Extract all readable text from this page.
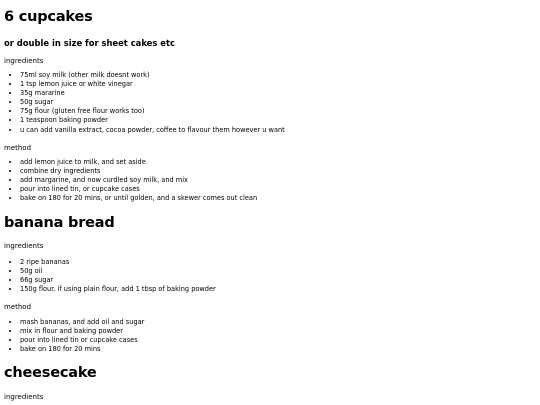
6 cupcakes
or double in size for sheet cakes etc

ingredients

• 75ml soy milk (other milk doesnt work)
• 1 tsp lemon juice or white vinegar
• 35g mararine
• 50g sugar
• 75g flour (gluten free flour works too)
• 1 teaspoon baking powder
• u can add vanilla extract, cocoa powder, coffee to flavour them however u want

method

• add lemon juice to milk, and set aside
• combine dry ingredients
• add margarine, and now curdled soy milk, and mix
• pour into lined tin, or cupcake cases
• bake on 180 for 20 mins, or until golden, and a skewer comes out clean
banana bread

ingredients

• 2 ripe bananas
• 50g oil
• 66g sugar
• 150g flour. if using plain flour, add 1 tbsp of baking powder

method

• mash bananas, and add oil and sugar
• mix in flour and baking powder
• pour into lined tin or cupcake cases
• bake on 180 for 20 mins
cheesecake

ingredients
